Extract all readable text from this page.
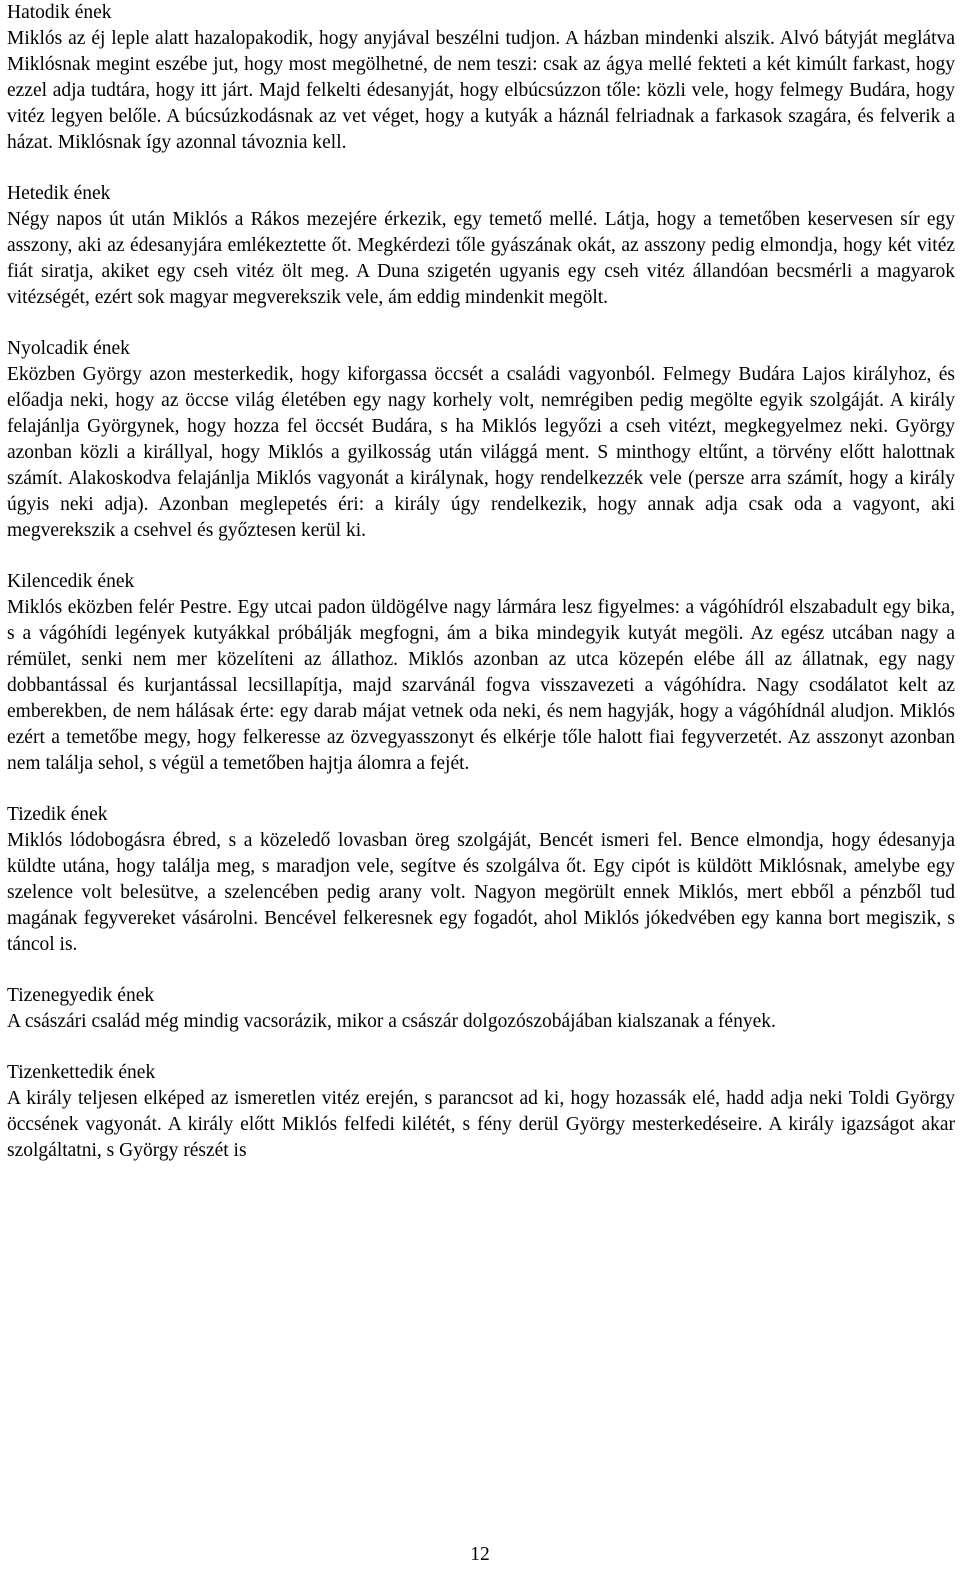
Hatodik ének

Miklós az éj leple alatt hazalopakodik, hogy anyjával beszélni tudjon. A házban mindenki alszik. Alvó bátyját meglátva Miklósnak megint eszébe jut, hogy most megölhetné, de nem teszi: csak az ágya mellé fekteti a két kimúlt farkast, hogy ezzel adja tudtára, hogy itt járt. Majd felkelti édesanyját, hogy elbúcsúzzon tőle: közli vele, hogy felmegy Budára, hogy vitéz legyen belőle. A búcsúzkodásnak az vet véget, hogy a kutyák a háznál felriadnak a farkasok szagára, és felverik a házat. Miklósnak így azonnal távoznia kell.

Hetedik ének

Négy napos út után Miklós a Rákos mezejére érkezik, egy temető mellé. Látja, hogy a temetőben keservesen sír egy asszony, aki az édesanyjára emlékeztette őt. Megkérdezi tőle gyászának okát, az asszony pedig elmondja, hogy két vitéz fiát siratja, akiket egy cseh vitéz ölt meg. A Duna szigetén ugyanis egy cseh vitéz állandóan becsmérli a magyarok vitézségét, ezért sok magyar megverekszik vele, ám eddig mindenkit megölt.

Nyolcadik ének

Eközben György azon mesterkedik, hogy kiforgassa öccsét a családi vagyonból. Felmegy Budára Lajos királyhoz, és előadja neki, hogy az öccse világ életében egy nagy korhely volt, nemrégiben pedig megölte egyik szolgáját. A király felajánlja Györgynek, hogy hozza fel öccsét Budára, s ha Miklós legyőzi a cseh vitézt, megkegyelmez neki. György azonban közli a királlyal, hogy Miklós a gyilkosság után világgá ment. S minthogy eltűnt, a törvény előtt halottnak számít. Alakoskodva felajánlja Miklós vagyonát a királynak, hogy rendelkezzék vele (persze arra számít, hogy a király úgyis neki adja). Azonban meglepetés éri: a király úgy rendelkezik, hogy annak adja csak oda a vagyont, aki megverekszik a csehvel és győztesen kerül ki.

Kilencedik ének

Miklós eközben felér Pestre. Egy utcai padon üldögélve nagy lármára lesz figyelmes: a vágóhídról elszabadult egy bika, s a vágóhídi legények kutyákkal próbálják megfogni, ám a bika mindegyik kutyát megöli. Az egész utcában nagy a rémület, senki nem mer közelíteni az állathoz. Miklós azonban az utca közepén elébe áll az állatnak, egy nagy dobbantással és kurjantással lecsillapítja, majd szarvánál fogva visszavezeti a vágóhídra. Nagy csodálatot kelt az emberekben, de nem hálásak érte: egy darab májat vetnek oda neki, és nem hagyják, hogy a vágóhídnál aludjon. Miklós ezért a temetőbe megy, hogy felkeresse az özvegyasszonyt és elkérje tőle halott fiai fegyverzetét. Az asszonyt azonban nem találja sehol, s végül a temetőben hajtja álomra a fejét.

Tizedik ének

Miklós lódobogásra ébred, s a közeledő lovasban öreg szolgáját, Bencét ismeri fel. Bence elmondja, hogy édesanyja küldte utána, hogy találja meg, s maradjon vele, segítve és szolgálva őt. Egy cipót is küldött Miklósnak, amelybe egy szelence volt belesütve, a szelencében pedig arany volt. Nagyon megörült ennek Miklós, mert ebből a pénzből tud magának fegyvereket vásárolni. Bencével felkeresnek egy fogadót, ahol Miklós jókedvében egy kanna bort megiszik, s táncol is.

Tizenegyedik ének

A császári család még mindig vacsorázik, mikor a császár dolgozószobájában kialszanak a fények.

Tizenkettedik ének

A király teljesen elképed az ismeretlen vitéz erején, s parancsot ad ki, hogy hozassák elé, hadd adja neki Toldi György öccsének vagyonát. A király előtt Miklós felfedi kilétét, s fény derül György mesterkedéseire. A király igazságot akar szolgáltatni, s György részét is

12
